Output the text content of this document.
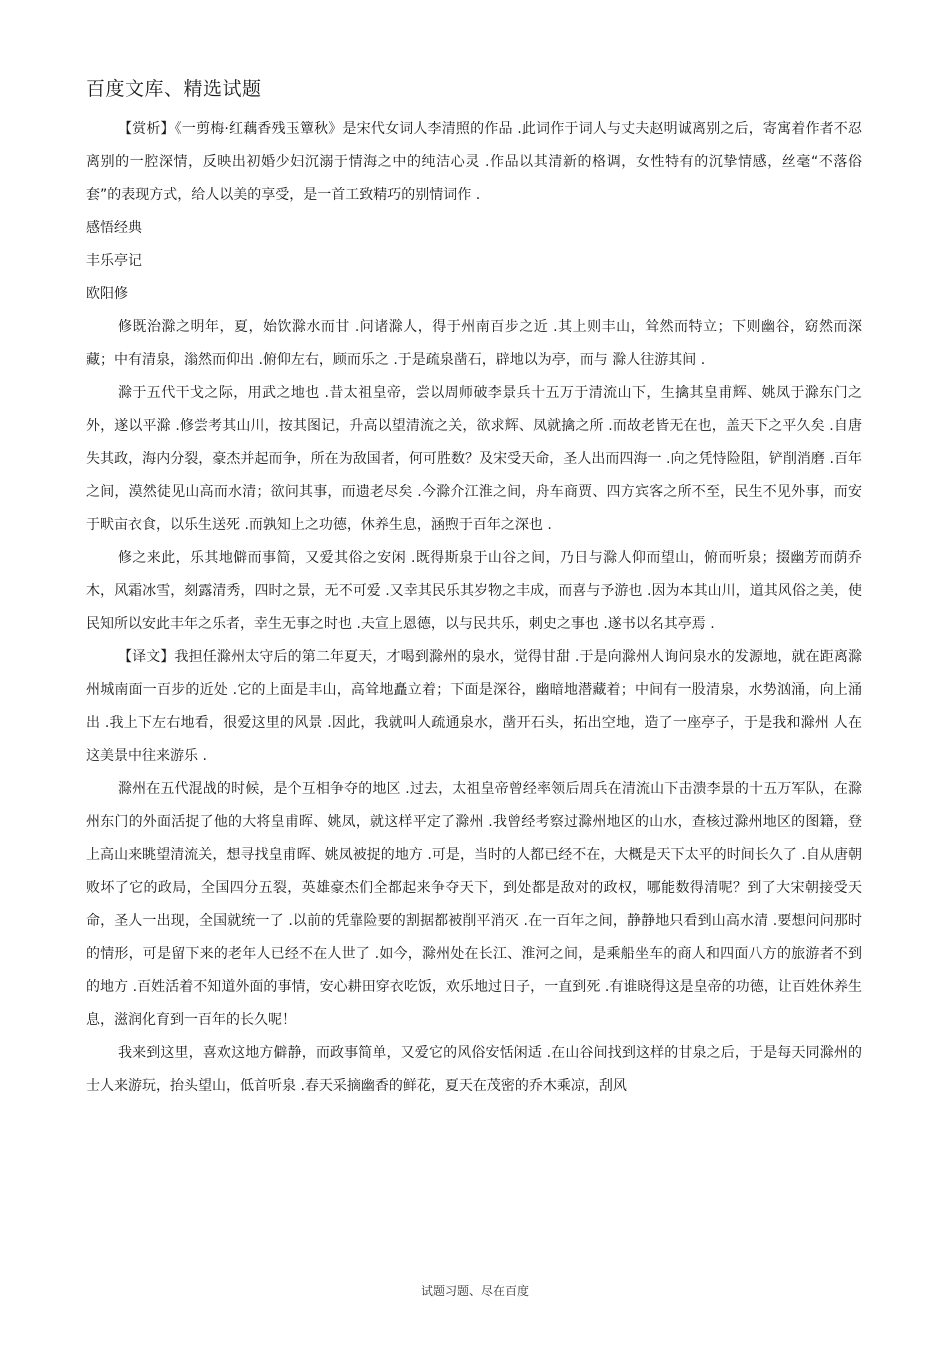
百度文库、精选试题

【赏析】《一剪梅·红藕香残玉簟秋》是宋代女词人李清照的作品 .此词作于词人与丈夫赵明诚离别之后，寄寓着作者不忍离别的一腔深情，反映出初婚少妇沉溺于情海之中的纯洁心灵 .作品以其清新的格调，女性特有的沉挚情感，丝毫“不落俗套”的表现方式，给人以美的享受，是一首工致精巧的别情词作 .

感悟经典

丰乐亭记

欧阳修

修既治滁之明年，夏，始饮滁水而甘 .问诸滁人，得于州南百步之近 .其上则丰山，耸然而特立；下则幽谷，窈然而深藏；中有清泉，滃然而仰出 .俯仰左右，顾而乐之 .于是疏泉凿石，辟地以为亭，而与 滁人往游其间 .

滁于五代干戈之际，用武之地也 .昔太祖皇帝，尝以周师破李景兵十五万于清流山下，生擒其皇甫辉、姚凤于滁东门之外，遂以平滁 .修尝考其山川，按其图记，升高以望清流之关，欲求辉、凤就擒之所 .而故老皆无在也，盖天下之平久矣 .自唐失其政，海内分裂，豪杰并起而争，所在为敌国者，何可胜数？及宋受天命，圣人出而四海一 .向之凭恃险阻，铲削消磨 .百年之间，漠然徒见山高而水清；欲问其事，而遗老尽矣 .今滁介江淮之间，舟车商贾、四方宾客之所不至，民生不见外事，而安于畎亩衣食，以乐生送死 .而孰知上之功德，休养生息，涵煦于百年之深也 .

修之来此，乐其地僻而事简，又爱其俗之安闲 .既得斯泉于山谷之间，乃日与滁人仰而望山，俯而听泉；掇幽芳而荫乔木，风霜冰雪，刻露清秀，四时之景，无不可爱 .又幸其民乐其岁物之丰成，而喜与予游也 .因为本其山川，道其风俗之美，使民知所以安此丰年之乐者，幸生无事之时也 .夫宣上恩德，以与民共乐，刺史之事也 .遂书以名其亭焉 .

【译文】我担任滁州太守后的第二年夏天，才喝到滁州的泉水，觉得甘甜 .于是向滁州人询问泉水的发源地，就在距离滁州城南面一百步的近处 .它的上面是丰山，高耸地矗立着；下面是深谷，幽暗地潜藏着；中间有一股清泉，水势汹涌，向上涌出 .我上下左右地看，很爱这里的风景 .因此，我就叫人疏通泉水，凿开石头，拓出空地，造了一座亭子，于是我和滁州 人在这美景中往来游乐 .

滁州在五代混战的时候，是个互相争夺的地区 .过去，太祖皇帝曾经率领后周兵在清流山下击溃李景的十五万军队，在滁州东门的外面活捉了他的大将皇甫晖、姚凤，就这样平定了滁州 .我曾经考察过滁州地区的山水，查核过滁州地区的图籍，登上高山来眺望清流关，想寻找皇甫晖、姚凤被捉的地方 .可是，当时的人都已经不在，大概是天下太平的时间长久了 .自从唐朝败坏了它的政局，全国四分五裂，英雄豪杰们全都起来争夺天下，到处都是敌对的政权，哪能数得清呢？到了大宋朝接受天命，圣人一出现，全国就统一了 .以前的凭靠险要的割据都被削平消灭 .在一百年之间，静静地只看到山高水清 .要想问问那时的情形，可是留下来的老年人已经不在人世了 .如今，滁州处在长江、淮河之间，是乘船坐车的商人和四面八方的旅游者不到的地方 .百姓活着不知道外面的事情，安心耕田穿衣吃饭，欢乐地过日子，一直到死 .有谁晓得这是皇帝的功德，让百姓休养生息，滋润化育到一百年的长久呢！

我来到这里，喜欢这地方僻静，而政事简单，又爱它的风俗安恬闲适 .在山谷间找到这样的甘泉之后，于是每天同滁州的士人来游玩，抬头望山，低首听泉 .春天采摘幽香的鲜花，夏天在茂密的乔木乘凉，刮风

试题习题、尽在百度
